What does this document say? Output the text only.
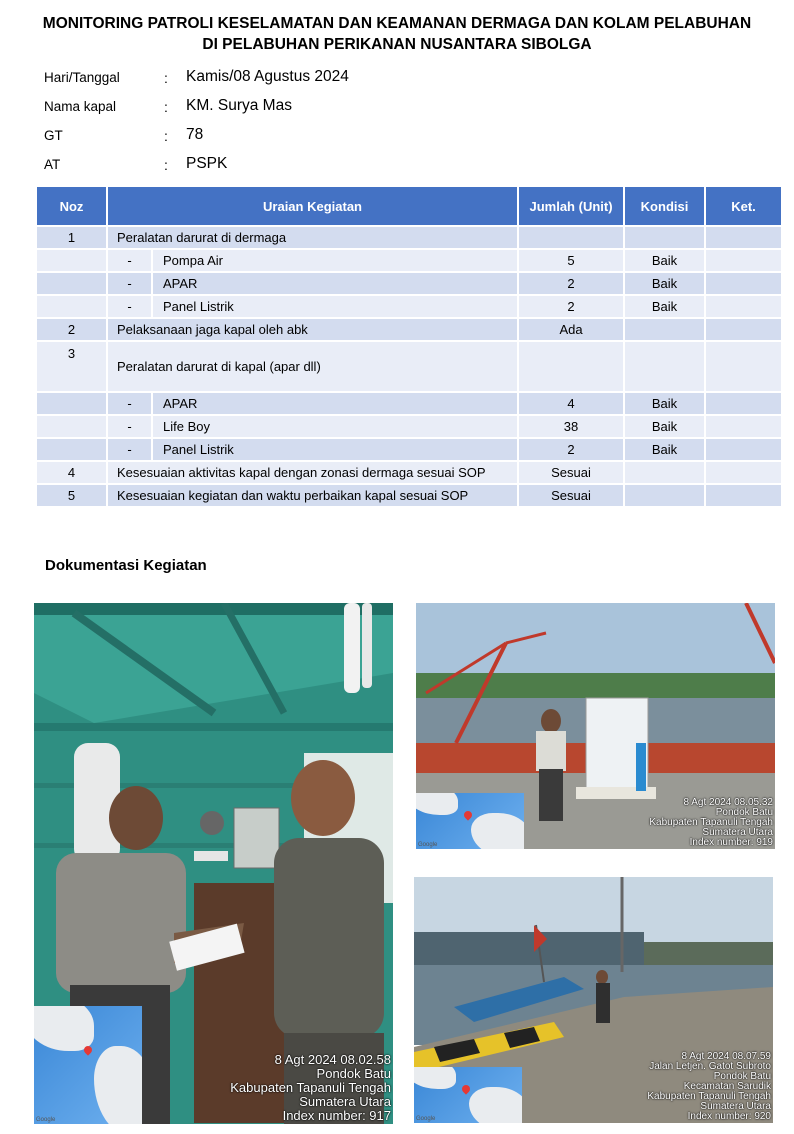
MONITORING PATROLI KESELAMATAN DAN KEAMANAN DERMAGA DAN KOLAM PELABUHAN
DI PELABUHAN PERIKANAN NUSANTARA SIBOLGA
Hari/Tanggal	: Kamis/08 Agustus 2024
Nama kapal	: KM. Surya Mas
GT	: 78
AT	: PSPK
Noz	Uraian Kegiatan		Jumlah (Unit)	Kondisi	Ket.
1	Peralatan darurat di dermaga				
	-	Pompa Air	5	Baik	
	-	APAR	2	Baik	
	-	Panel Listrik	2	Baik	
2	Pelaksanaan jaga kapal oleh abk		Ada		
3	Peralatan darurat di kapal (apar dll)				
	-	APAR	4	Baik	
	-	Life Boy	38	Baik	
	-	Panel Listrik	2	Baik	
4	Kesesuaian aktivitas kapal dengan zonasi dermaga sesuai SOP		Sesuai		
5	Kesesuaian kegiatan dan waktu perbaikan kapal sesuai SOP		Sesuai		
Dokumentasi Kegiatan
Google
8 Agt 2024 08.02.58
Pondok Batu
Kabupaten Tapanuli Tengah
Sumatera Utara
Index number: 917
Google
8 Agt 2024 08.05.32
Pondok Batu
Kabupaten Tapanuli Tengah
Sumatera Utara
Index number: 919
Google
8 Agt 2024 08.07.59
Jalan Letjen. Gatot Subroto
Pondok Batu
Kecamatan Sarudik
Kabupaten Tapanuli Tengah
Sumatera Utara
Index number: 920
